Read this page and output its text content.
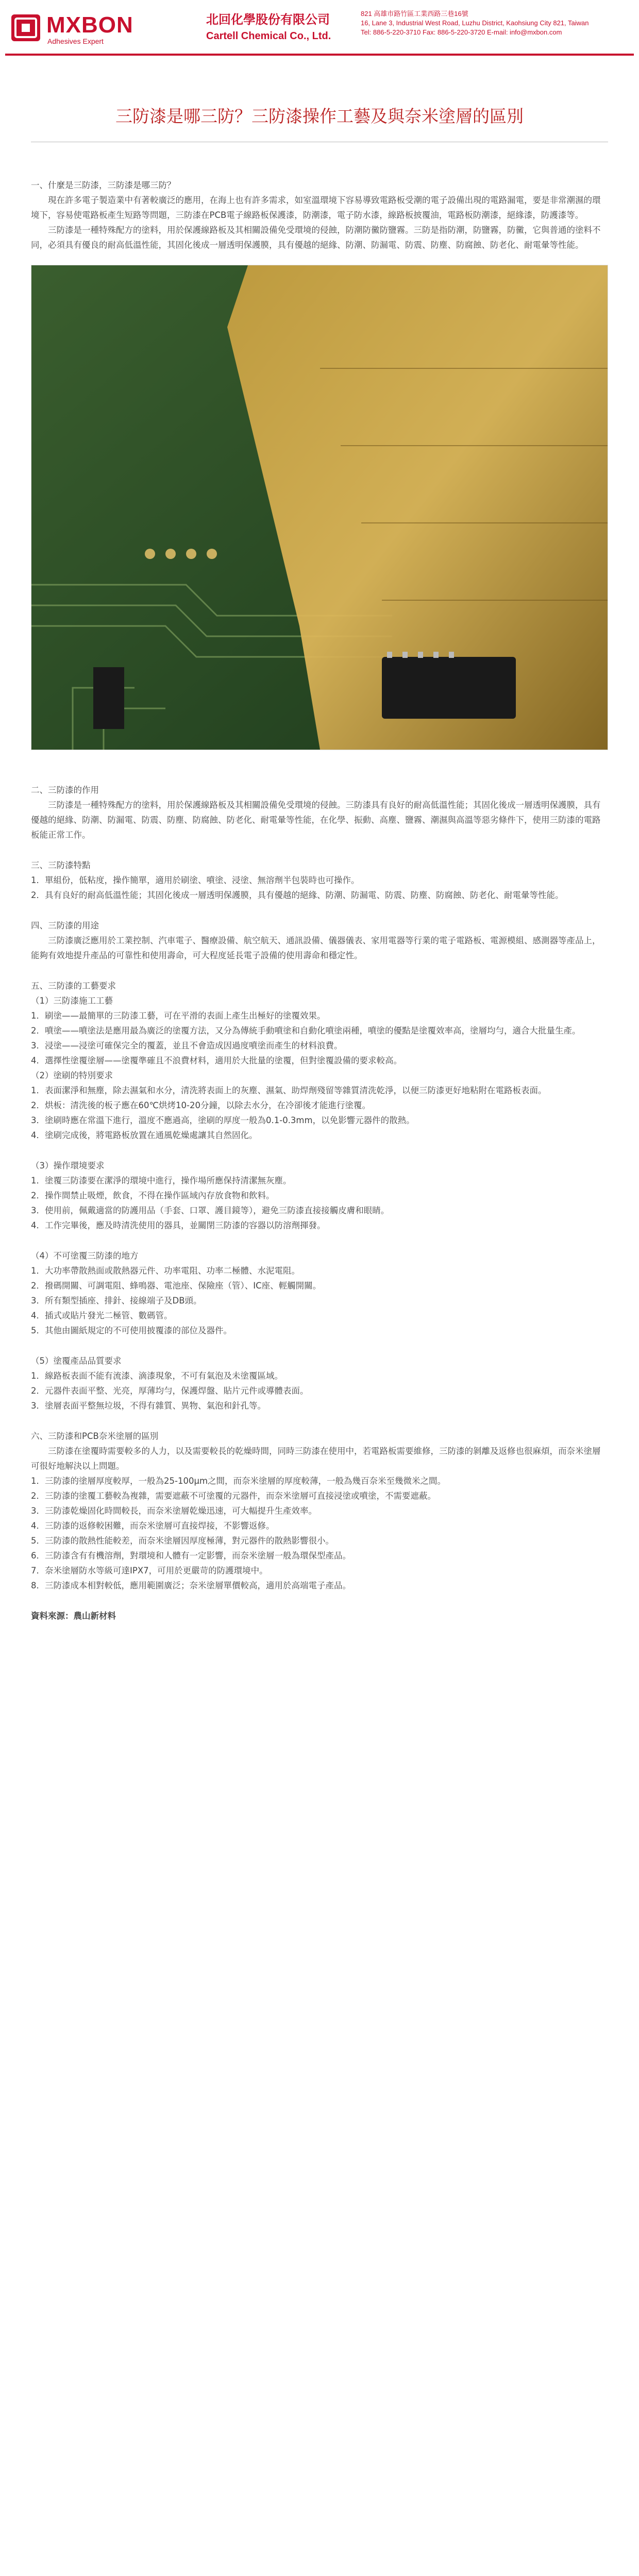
MXBON
Adhesives Expert
北回化學股份有限公司
Cartell Chemical Co., Ltd.
821 高雄市路竹區工業西路三巷16號
16, Lane 3, Industrial West Road, Luzhu District, Kaohsiung City 821, Taiwan
Tel: 886-5-220-3710 Fax: 886-5-220-3720 E-mail: info@mxbon.com
三防漆是哪三防？三防漆操作工藝及與奈米塗層的區別

一、什麼是三防漆，三防漆是哪三防？

現在許多電子製造業中有著較廣泛的應用，在海上也有許多需求，如室溫環境下容易導致電路板受潮的電子設備出現的電路漏電，要是非常潮濕的環境下，容易使電路板產生短路等問題，三防漆在PCB電子線路板保護漆，防潮漆，電子防水漆，線路板披覆油，電路板防潮漆，絕緣漆，防護漆等。

三防漆是一種特殊配方的塗料，用於保護線路板及其相關設備免受環境的侵蝕，防潮防黴防鹽霧。三防是指防潮，防鹽霧，防黴，它與普通的塗料不同，必須具有優良的耐高低溫性能，其固化後成一層透明保護膜，具有優越的絕緣、防潮、防漏電、防震、防塵、防腐蝕、防老化、耐電暈等性能。

二、三防漆的作用

三防漆是一種特殊配方的塗料，用於保護線路板及其相關設備免受環境的侵蝕。三防漆具有良好的耐高低溫性能；其固化後成一層透明保護膜，具有優越的絕緣、防潮、防漏電、防震、防塵、防腐蝕、防老化、耐電暈等性能，在化學、振動、高塵、鹽霧、潮濕與高溫等惡劣條件下，使用三防漆的電路板能正常工作。

三、三防漆特點

1．單組份，低粘度，操作簡單，適用於刷塗、噴塗、浸塗、無溶劑半包裝時也可操作。

2．具有良好的耐高低溫性能；其固化後成一層透明保護膜，具有優越的絕緣、防潮、防漏電、防震、防塵、防腐蝕、防老化、耐電暈等性能。

四、三防漆的用途

三防漆廣泛應用於工業控制、汽車電子、醫療設備、航空航天、通訊設備、儀器儀表、家用電器等行業的電子電路板、電源模組、感測器等產品上，能夠有效地提升產品的可靠性和使用壽命，可大程度延長電子設備的使用壽命和穩定性。

五、三防漆的工藝要求

（1）三防漆施工工藝

1．刷塗——最簡單的三防漆工藝，可在平滑的表面上產生出極好的塗覆效果。

2．噴塗——噴塗法是應用最為廣泛的塗覆方法，又分為傳統手動噴塗和自動化噴塗兩種，噴塗的優點是塗覆效率高，塗層均勻，適合大批量生產。

3．浸塗——浸塗可確保完全的覆蓋，並且不會造成因過度噴塗而產生的材料浪費。

4．選擇性塗覆塗層——塗覆準確且不浪費材料，適用於大批量的塗覆，但對塗覆設備的要求較高。

（2）塗刷的特別要求

1．表面潔淨和無塵，除去濕氣和水分，清洗將表面上的灰塵、濕氣、助焊劑殘留等雜質清洗乾淨，以便三防漆更好地粘附在電路板表面。

2．烘板：清洗後的板子應在60℃烘烤10-20分鐘，以除去水分，在冷卻後才能進行塗覆。

3．塗刷時應在常溫下進行，溫度不應過高，塗刷的厚度一般為0.1-0.3mm，以免影響元器件的散熱。

4．塗刷完成後，將電路板放置在通風乾燥處讓其自然固化。

（3）操作環境要求

1．塗覆三防漆要在潔淨的環境中進行，操作場所應保持清潔無灰塵。

2．操作間禁止吸煙，飲食，不得在操作區域內存放食物和飲料。

3．使用前，佩戴適當的防護用品（手套、口罩、護目鏡等），避免三防漆直接接觸皮膚和眼睛。

4．工作完畢後，應及時清洗使用的器具，並關閉三防漆的容器以防溶劑揮發。

（4）不可塗覆三防漆的地方

1．大功率帶散熱面或散熱器元件、功率電阻、功率二極體、水泥電阻。

2．撥碼開關、可調電阻、蜂鳴器、電池座、保險座（管）、IC座、輕觸開關。

3．所有類型插座、排針、接線端子及DB頭。

4．插式或貼片發光二極管、數碼管。

5．其他由圖紙規定的不可使用披覆漆的部位及器件。

（5）塗覆產品品質要求

1．線路板表面不能有流漆、滴漆現象，不可有氣泡及未塗覆區域。

2．元器件表面平整、光亮，厚薄均勻，保護焊盤、貼片元件或導體表面。

3．塗層表面平整無垃圾，不得有雜質、異物、氣泡和針孔等。

六、三防漆和PCB奈米塗層的區別

三防漆在塗覆時需要較多的人力，以及需要較長的乾燥時間，同時三防漆在使用中，若電路板需要維修，三防漆的剝離及返修也很麻煩，而奈米塗層可很好地解決以上問題。

1．三防漆的塗層厚度較厚，一般為25-100μm之間，而奈米塗層的厚度較薄，一般為幾百奈米至幾微米之間。

2．三防漆的塗覆工藝較為複雜，需要遮蔽不可塗覆的元器件，而奈米塗層可直接浸塗或噴塗，不需要遮蔽。

3．三防漆乾燥固化時間較長，而奈米塗層乾燥迅速，可大幅提升生產效率。

4．三防漆的返修較困難，而奈米塗層可直接焊接，不影響返修。

5．三防漆的散熱性能較差，而奈米塗層因厚度極薄，對元器件的散熱影響很小。

6．三防漆含有有機溶劑，對環境和人體有一定影響，而奈米塗層一般為環保型產品。

7．奈米塗層防水等級可達IPX7，可用於更嚴苛的防護環境中。

8．三防漆成本相對較低，應用範圍廣泛；奈米塗層單價較高，適用於高端電子產品。

資料來源：農山新材料
